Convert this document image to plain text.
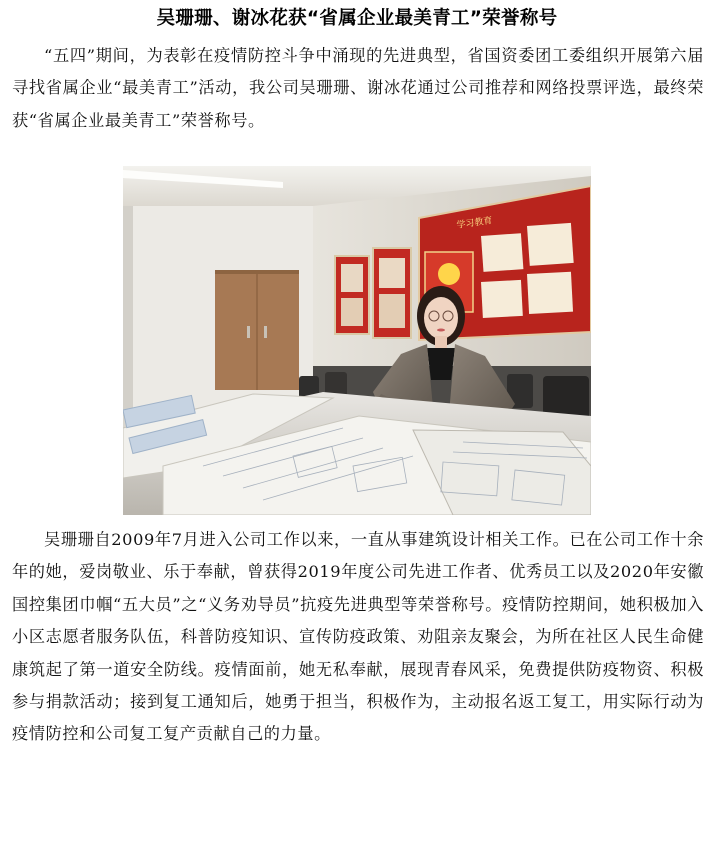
吴珊珊、谢冰花获“省属企业最美青工”荣誉称号

“五四”期间，为表彰在疫情防控斗争中涌现的先进典型，省国资委团工委组织开展第六届寻找省属企业“最美青工”活动，我公司吴珊珊、谢冰花通过公司推荐和网络投票评选，最终荣获“省属企业最美青工”荣誉称号。

学习教育

吴珊珊自2009年7月进入公司工作以来，一直从事建筑设计相关工作。已在公司工作十余年的她，爱岗敬业、乐于奉献，曾获得2019年度公司先进工作者、优秀员工以及2020年安徽国控集团巾帼“五大员”之“义务劝导员”抗疫先进典型等荣誉称号。疫情防控期间，她积极加入小区志愿者服务队伍，科普防疫知识、宣传防疫政策、劝阻亲友聚会，为所在社区人民生命健康筑起了第一道安全防线。疫情面前，她无私奉献，展现青春风采，免费提供防疫物资、积极参与捐款活动；接到复工通知后，她勇于担当，积极作为，主动报名返工复工，用实际行动为疫情防控和公司复工复产贡献自己的力量。
